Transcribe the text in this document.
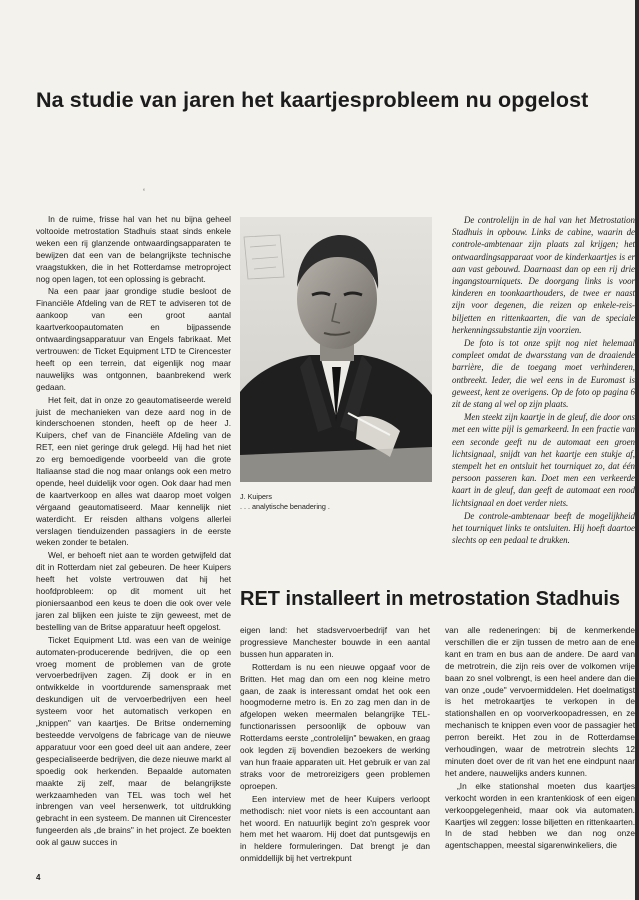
Na studie van jaren het kaartjesprobleem nu opgelost
‘

In de ruime, frisse hal van het nu bijna geheel voltooide metrostation Stadhuis staat sinds enkele weken een rij glanzende ontwaardingsapparaten te bewijzen dat een van de belangrijkste technische vraagstukken, die in het Rotterdamse metroproject nog open lagen, tot een oplossing is gebracht.

Na een paar jaar grondige studie besloot de Financiële Afdeling van de RET te adviseren tot de aankoop van een groot aantal kaartverkoopautomaten en bijpassende ontwaardingsapparatuur van Engels fabrikaat. Met vertrouwen: de Ticket Equipment LTD te Cirencester heeft op een terrein, dat eigenlijk nog maar nauwelijks was ontgonnen, baanbrekend werk gedaan.

Het feit, dat in onze zo geautomatiseerde wereld juist de mechanieken van deze aard nog in de kinderschoenen stonden, heeft op de heer J. Kuipers, chef van de Financiële Afdeling van de RET, een niet geringe druk gelegd. Hij had het niet zo erg bemoedigende voorbeeld van die grote Italiaanse stad die nog maar onlangs ook een metro opende, heel duidelijk voor ogen. Ook daar had men de kaartverkoop en alles wat daarop moet volgen vérgaand geautomatiseerd. Maar kennelijk niet waterdicht. Er reisden althans volgens allerlei verslagen tienduizenden passagiers in de eerste weken zonder te betalen.

Wel, er behoeft niet aan te worden getwijfeld dat dit in Rotterdam niet zal gebeuren. De heer Kuipers heeft het volste vertrouwen dat hij het hoofdprobleem: op dit moment uit het pioniersaanbod een keus te doen die ook over vele jaren zal blijken een juiste te zijn geweest, met de bestelling van de Britse apparatuur heeft opgelost.

Ticket Equipment Ltd. was een van de weinige automaten-producerende bedrijven, die op een vroeg moment de problemen van de grote vervoerbedrijven zagen. Zij dook er in en ontwikkelde in voortdurende samenspraak met deskundigen uit de vervoerbedrijven een heel systeem voor het automatisch verkopen en „knippen" van kaartjes. De Britse onderneming besteedde vervolgens de fabricage van de nieuwe apparatuur voor een goed deel uit aan andere, zeer gespecialiseerde bedrijven, die deze nieuwe markt al spoedig ook herkenden. Bepaalde automaten maakte zij zelf, maar de belangrijkste werkzaamheden van TEL was toch wel het inbrengen van veel hersenwerk, tot uitdrukking gebracht in een systeem. De mannen uit Cirencester fungeerden als „de brains" in het project. Ze boekten ook al gauw succes in

J. Kuipers
. . . analytische benadering .

De controlelijn in de hal van het Metrostation Stadhuis in opbouw. Links de cabine, waarin de controle-ambtenaar zijn plaats zal krijgen; het ontwaardingsapparaat voor de kinderkaartjes is er aan vast gebouwd. Daarnaast dan op een rij drie ingangstourniquets. De doorgang links is voor kinderen en toonkaarthouders, de twee er naast zijn voor degenen, die reizen op enkele-reis-biljetten en rittenkaarten, die van de speciale herkenningssubstantie zijn voorzien.

De foto is tot onze spijt nog niet helemaal compleet omdat de dwarsstang van de draaiende barrière, die de toegang moet verhinderen, ontbreekt. Ieder, die wel eens in de Euromast is geweest, kent ze overigens. Op de foto op pagina 6 zit de stang al wel op zijn plaats.

Men steekt zijn kaartje in de gleuf, die door ons met een witte pijl is gemarkeerd. In een fractie van een seconde geeft nu de automaat een groen lichtsignaal, snijdt van het kaartje een stukje af, stempelt het en ontsluit het tourniquet zo, dat één persoon passeren kan. Doet men een verkeerde kaart in de gleuf, dan geeft de automaat een rood lichtsignaal en doet verder niets.

De controle-ambtenaar beeft de mogelijkheid het tourniquet links te ontsluiten. Hij hoeft daartoe slechts op een pedaal te drukken.

RET installeert in metrostation Stadhuis

eigen land: het stadsvervoerbedrijf van het progressieve Manchester bouwde in een aantal bussen hun apparaten in.

Rotterdam is nu een nieuwe opgaaf voor de Britten. Het mag dan om een nog kleine metro gaan, de zaak is interessant omdat het ook een hoogmoderne metro is. En zo zag men dan in de afgelopen weken meermalen belangrijke TEL-functionarissen persoonlijk de opbouw van Rotterdams eerste „controlelijn" bewaken, en graag ook legden zij bovendien bezoekers de werking van hun fraaie apparaten uit. Het gebruik er van zal straks voor de metroreizigers geen problemen oproepen.

Een interview met de heer Kuipers verloopt methodisch: niet voor niets is een accountant aan het woord. En natuurlijk begint zo'n gesprek voor hem met het waarom. Hij doet dat puntsgewijs en in heldere formuleringen. Dat brengt je dan onmiddellijk bij het vertrekpunt

van alle redeneringen: bij de kenmerkende verschillen die er zijn tussen de metro aan de ene kant en tram en bus aan de andere. De aard van de metrotrein, die zijn reis over de volkomen vrije baan zo snel volbrengt, is een heel andere dan die van onze „oude" vervoermiddelen. Het doelmatigst is het metrokaartjes te verkopen in de stationshallen en op voorverkoopadressen, en ze mechanisch te knippen even voor de passagier het perron bereikt. Het zou in de Rotterdamse verhoudingen, waar de metrotrein slechts 12 minuten doet over de rit van het ene eindpunt naar het andere, nauwelijks anders kunnen.

„In elke stationshal moeten dus kaartjes verkocht worden in een krantenkiosk of een eigen verkoopgelegenheid, maar ook via automaten. Kaartjes wil zeggen: losse biljetten en rittenkaarten. In de stad hebben we dan nog onze agentschappen, meestal sigarenwinkeliers, die

4
